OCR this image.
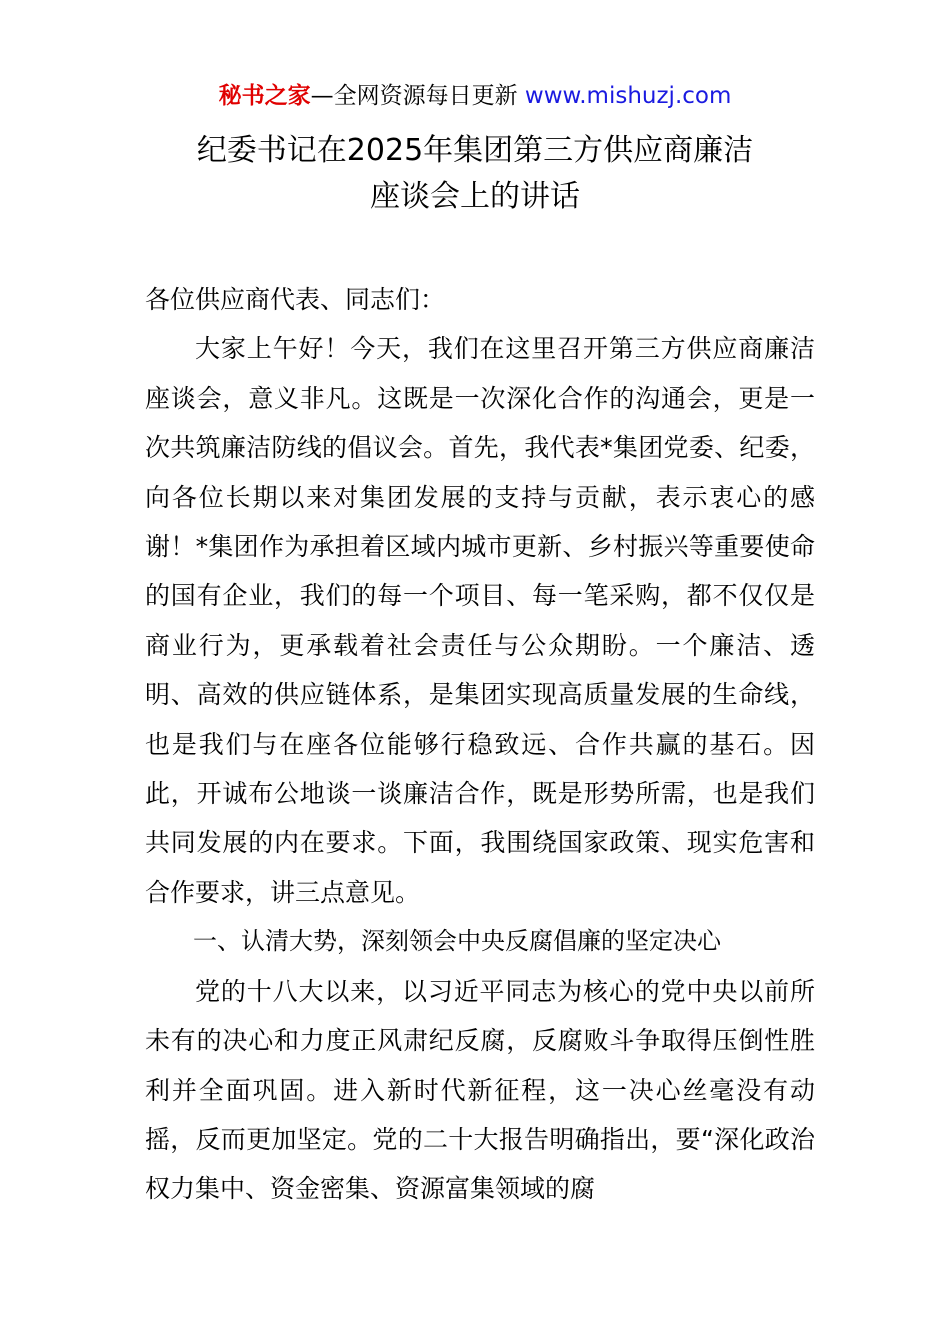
秘书之家—全网资源每日更新 www.mishuzj.com
纪委书记在2025年集团第三方供应商廉洁
座谈会上的讲话

各位供应商代表、同志们：

大家上午好！今天，我们在这里召开第三方供应商廉洁座谈会，意义非凡。这既是一次深化合作的沟通会，更是一次共筑廉洁防线的倡议会。首先，我代表*集团党委、纪委，向各位长期以来对集团发展的支持与贡献，表示衷心的感谢！*集团作为承担着区域内城市更新、乡村振兴等重要使命的国有企业，我们的每一个项目、每一笔采购，都不仅仅是商业行为，更承载着社会责任与公众期盼。一个廉洁、透明、高效的供应链体系，是集团实现高质量发展的生命线，也是我们与在座各位能够行稳致远、合作共赢的基石。因此，开诚布公地谈一谈廉洁合作，既是形势所需，也是我们共同发展的内在要求。下面，我围绕国家政策、现实危害和合作要求，讲三点意见。

一、认清大势，深刻领会中央反腐倡廉的坚定决心

党的十八大以来，以习近平同志为核心的党中央以前所未有的决心和力度正风肃纪反腐，反腐败斗争取得压倒性胜利并全面巩固。进入新时代新征程，这一决心丝毫没有动摇，反而更加坚定。党的二十大报告明确指出，要“深化政治权力集中、资金密集、资源富集领域的腐
